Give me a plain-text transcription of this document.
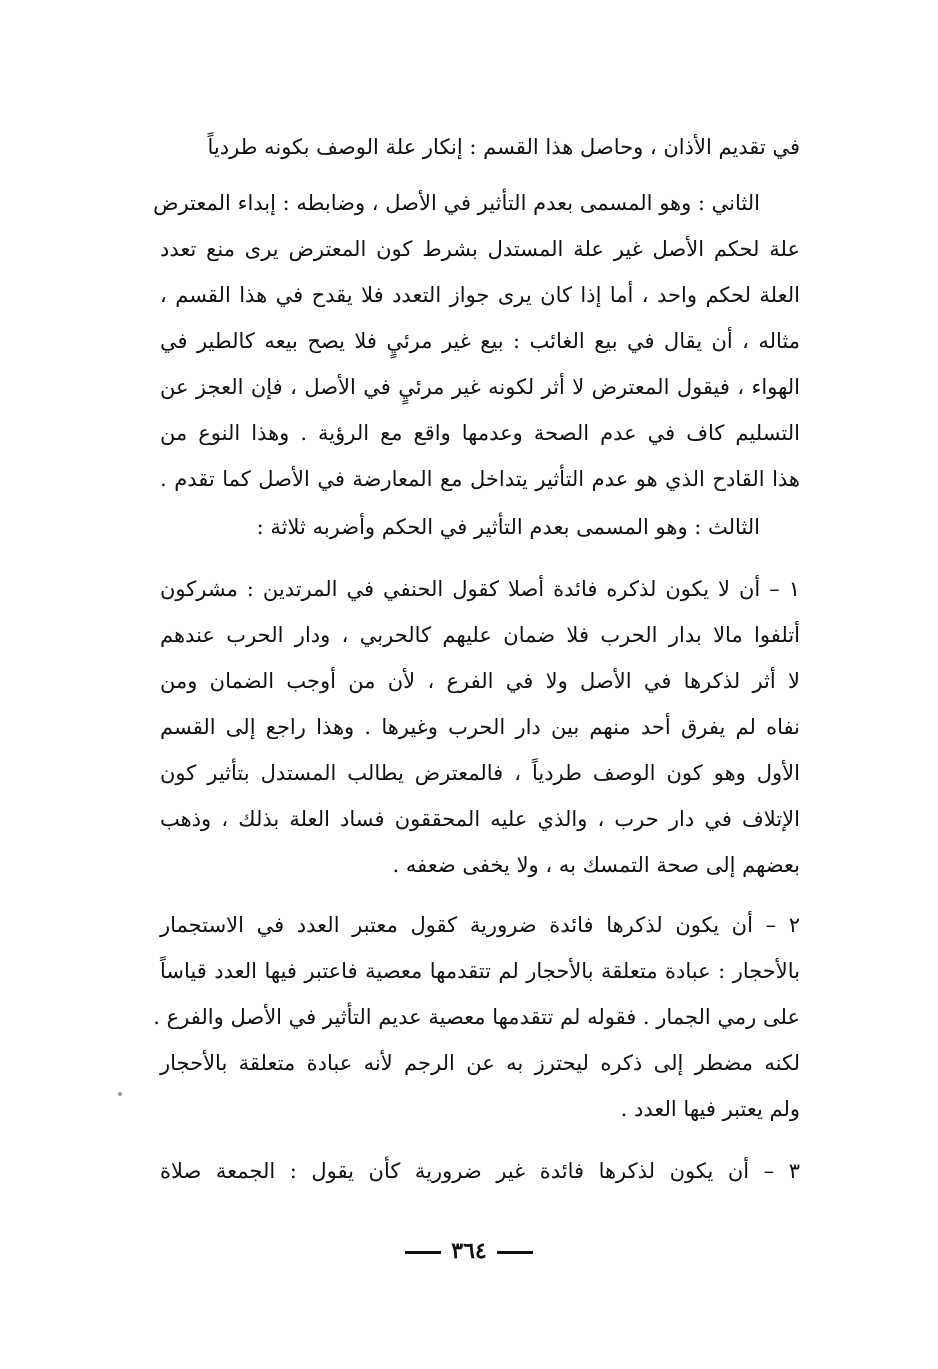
في تقديم الأذان ، وحاصل هذا القسم : إنكار علة الوصف بكونه طردياً
الثاني : وهو المسمى بعدم التأثير في الأصل ، وضابطه : إبداء المعترض
علة لحكم الأصل غير علة المستدل بشرط كون المعترض يرى منع تعدد
العلة لحكم واحد ، أما إذا كان يرى جواز التعدد فلا يقدح في هذا القسم ،
مثاله ، أن يقال في بيع الغائب : بيع غير مرئيٍ فلا يصح بيعه كالطير في
الهواء ، فيقول المعترض لا أثر لكونه غير مرئيٍ في الأصل ، فإن العجز عن
التسليم كاف في عدم الصحة وعدمها واقع مع الرؤية . وهذا النوع من
هذا القادح الذي هو عدم التأثير يتداخل مع المعارضة في الأصل كما تقدم .
الثالث : وهو المسمى بعدم التأثير في الحكم وأضربه ثلاثة :
١ – أن لا يكون لذكره فائدة أصلا كقول الحنفي في المرتدين : مشركون
أتلفوا مالا بدار الحرب فلا ضمان عليهم كالحربي ، ودار الحرب عندهم
لا أثر لذكرها في الأصل ولا في الفرع ، لأن من أوجب الضمان ومن
نفاه لم يفرق أحد منهم بين دار الحرب وغيرها . وهذا راجع إلى القسم
الأول وهو كون الوصف طردياً ، فالمعترض يطالب المستدل بتأثير كون
الإتلاف في دار حرب ، والذي عليه المحققون فساد العلة بذلك ، وذهب
بعضهم إلى صحة التمسك به ، ولا يخفى ضعفه .
٢ – أن يكون لذكرها فائدة ضرورية كقول معتبر العدد في الاستجمار
بالأحجار : عبادة متعلقة بالأحجار لم تتقدمها معصية فاعتبر فيها العدد قياساً
على رمي الجمار . فقوله لم تتقدمها معصية عديم التأثير في الأصل والفرع .
لكنه مضطر إلى ذكره ليحترز به عن الرجم لأنه عبادة متعلقة بالأحجار
ولم يعتبر فيها العدد .
٣ – أن يكون لذكرها فائدة غير ضرورية كأن يقول : الجمعة صلاة
٣٦٤
